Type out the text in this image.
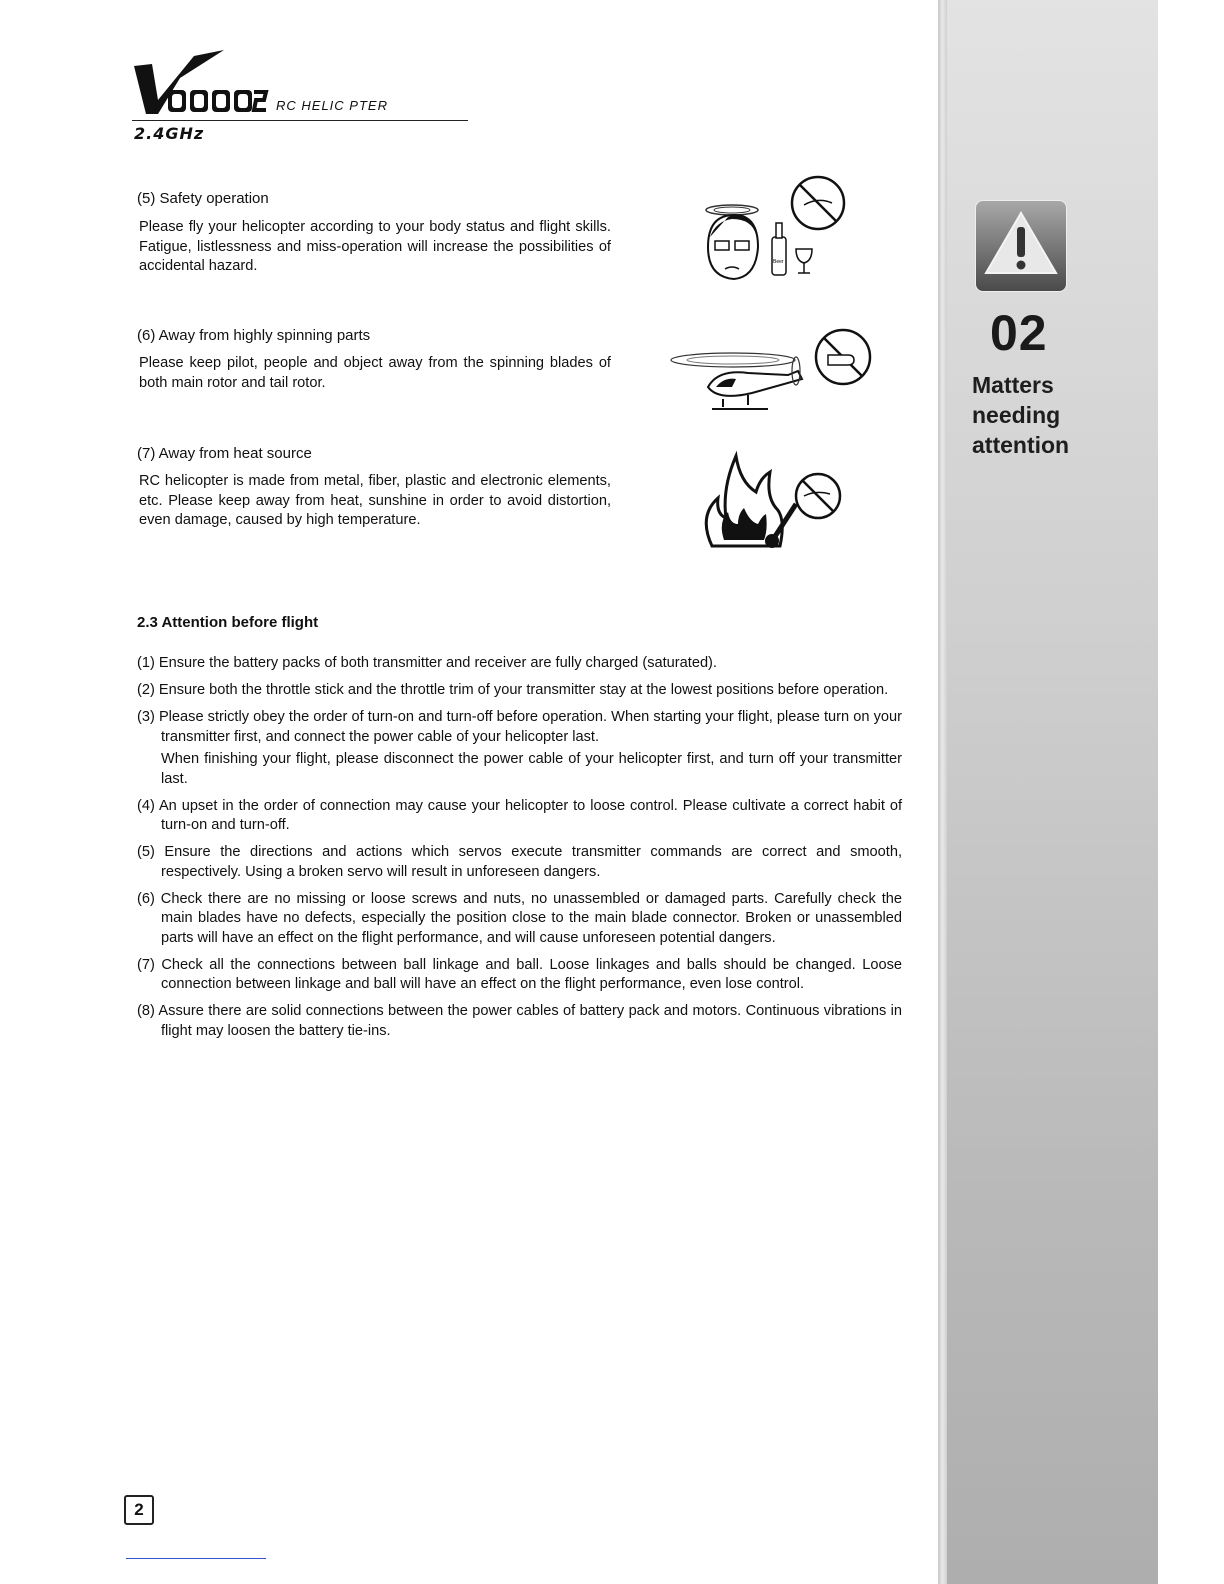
RC HELIC PTER
2.4GHz
(5) Safety operation
Please fly your helicopter according to your body status and flight skills. Fatigue, listlessness and miss-operation will increase the possibilities of accidental hazard.	Beer
(6) Away from highly spinning parts
Please keep pilot, people and object away from the spinning blades of both main rotor and tail rotor.
(7) Away from heat source
RC helicopter is made from metal, fiber, plastic and electronic elements, etc. Please keep away from heat, sunshine in order to avoid distortion, even damage, caused by high temperature.
2.3 Attention before flight
(1) Ensure the battery packs of both transmitter and receiver are fully charged (saturated).
(2) Ensure both the throttle stick and the throttle trim of your transmitter stay at the lowest positions before operation.
(3) Please strictly obey the order of turn-on and turn-off before operation. When starting your flight, please turn on your transmitter first, and connect the power cable of your helicopter last.
When finishing your flight, please disconnect the power cable of your helicopter first, and turn off your transmitter last.
(4) An upset in the order of connection may cause your helicopter to loose control. Please cultivate a correct habit of turn-on and turn-off.
(5) Ensure the directions and actions which servos execute transmitter commands are correct and smooth, respectively. Using a broken servo will result in unforeseen dangers.
(6) Check there are no missing or loose screws and nuts, no unassembled or damaged parts. Carefully check the main blades have no defects, especially the position close to the main blade connector. Broken or unassembled parts will have an effect on the flight performance, and will cause unforeseen potential dangers.
(7) Check all the connections between ball linkage and ball. Loose linkages and balls should be changed. Loose connection between linkage and ball will have an effect on the flight performance, even lose control.
(8) Assure there are solid connections between the power cables of battery pack and motors. Continuous vibrations in flight may loosen the battery tie-ins.
02
Matters needing attention
2
